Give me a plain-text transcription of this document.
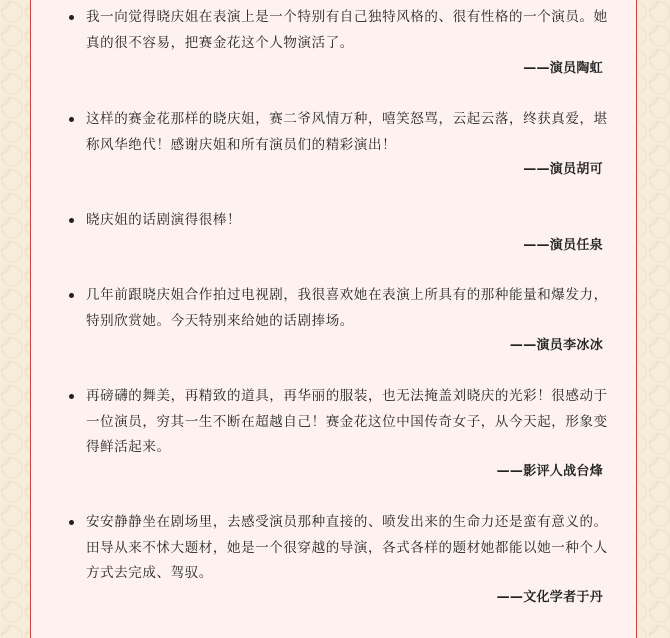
我一向觉得晓庆姐在表演上是一个特别有自己独特风格的、很有性格的一个演员。她真的很不容易，把赛金花这个人物演活了。

——演员陶虹

这样的赛金花那样的晓庆姐，赛二爷风情万种，嘻笑怒骂，云起云落，终获真爱，堪称风华绝代！感谢庆姐和所有演员们的精彩演出！

——演员胡可

晓庆姐的话剧演得很棒！

——演员任泉

几年前跟晓庆姐合作拍过电视剧，我很喜欢她在表演上所具有的那种能量和爆发力，特别欣赏她。今天特别来给她的话剧捧场。

——演员李冰冰

再磅礴的舞美，再精致的道具，再华丽的服装，也无法掩盖刘晓庆的光彩！很感动于一位演员，穷其一生不断在超越自己！赛金花这位中国传奇女子，从今天起，形象变得鲜活起来。

——影评人战台烽

安安静静坐在剧场里，去感受演员那种直接的、喷发出来的生命力还是蛮有意义的。田导从来不怵大题材，她是一个很穿越的导演，各式各样的题材她都能以她一种个人方式去完成、驾驭。

——文化学者于丹
